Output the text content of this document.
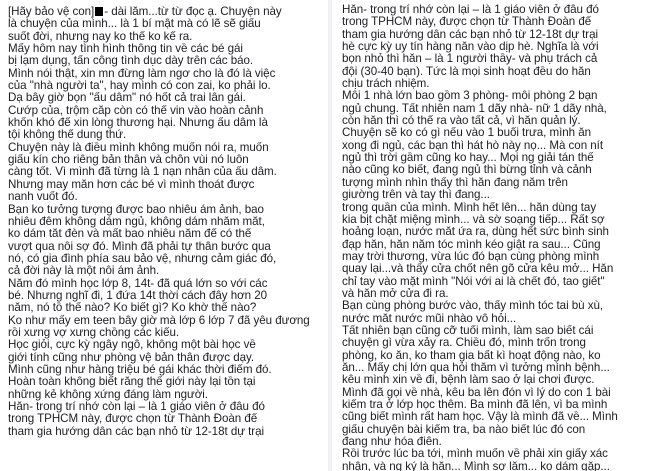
[Hãy bảo vệ con] - dài lắm...từ từ đọc ạ. Chuyện này
là chuyện của mình... là 1 bí mật mà có lẽ sẽ giấu
suốt đời, nhưng nay ko thể ko kể ra.
Mấy hôm nay tình hình thông tin về các bé gái
bị lạm dụng, tấn công tình dục dày trên các báo.
Mình nói thật, xin mn đừng làm ngơ cho là đó là việc
của "nhà người ta", hay mình có con zai, ko phải lo.
Dạ bây giờ bọn "ấu dâm" nó hốt cả trai lẫn gái.
Cướp của, trộm cắp còn có thể vin vào hoàn cảnh
khốn khó để xin lòng thương hại. Nhưng ấu dâm là
tội không thể dung thứ.
Chuyện này là điều mình không muốn nói ra, muốn
giấu kín cho riêng bản thân và chôn vùi nó luôn
càng tốt. Vì mình đã từng là 1 nạn nhân của ấu dâm.
Nhưng may mắn hơn các bé vì mình thoát được
nanh vuốt đó.
Bạn ko tưởng tượng được bao nhiêu ám ảnh, bao
nhiêu đêm không dám ngủ, không dám nhắm mắt,
ko dám tắt đèn và mất bao nhiêu năm để có thể
vượt qua nỗi sợ đó. Mình đã phải tự thân bước qua
nó, có gia đình phía sau bảo vệ, nhưng cảm giác đó,
cả đời này là một nỗi ám ảnh.
Năm đó mình học lớp 8, 14t- đã quá lớn so với các
bé. Nhưng nghĩ đi, 1 đứa 14t thời cách đây hơn 20
năm, nó tồ thế nào? Ko biết gì? Ko khờ thế nào?
Ko như mấy em teen bây giờ mà lớp 6 lớp 7 đã yêu đương
rồi xưng vợ xưng chồng các kiểu.
Học giỏi, cực kỳ ngây ngô, không một bài học về
giới tính cũng như phòng vệ bản thân được dạy.
Mình cũng như hàng triệu bé gái khác thời điểm đó.
Hoàn toàn không biết rằng thế giới này lại tồn tại
những kẻ không xứng đáng làm người.
Hắn- trong trí nhớ còn lại – là 1 giáo viên ở đâu đó
trong TPHCM này, được chọn từ Thành Đoàn để
tham gia hướng dẫn các bạn nhỏ từ 12-18t dự trại
Hắn- trong trí nhớ còn lại – là 1 giáo viên ở đâu đó
trong TPHCM này, được chọn từ Thành Đoàn để
tham gia hướng dẫn các bạn nhỏ từ 12-18t dự trại
hè cực kỳ uy tín hàng năn vào dịp hè. Nghĩa là với
bọn nhỏ thì hắn – là 1 người thầy- và phụ trách cả
đội (30-40 bạn). Tức là mọi sinh hoạt đều do hắn
chịu trách nhiệm.
Mỗi 1 nhà lớn bao gồm 3 phòng- mỗi phòng 2 bạn
ngủ chung. Tất nhiên nam 1 dãy nhà- nữ 1 dãy nhà,
còn hắn thì có thể ra vào tất cả, vì hắn quản lý.
Chuyện sẽ ko có gì nếu vào 1 buổi trưa, mình ăn
xong đi ngủ, các bạn thì hát hò này nọ... Mà con nít
ngủ thì trời gầm cũng ko hay... Mọi ng giải tán thế
nào cũng ko biết, đang ngủ thì bừng tỉnh và cảnh
tượng mình nhìn thấy thì hắn đang nằm trên
giường trên và tay thì đang...
trong quần của mình. Mình hết lên... hắn dùng tay
kia bịt chặt miệng mình... và sờ soạng tiếp... Rất sợ
hoảng loạn, nước mắt ứa ra, dùng hết sức bình sinh
đạp hắn, hắn nắm tóc mình kéo giật ra sau... Cũng
may trời thương, vừa lúc đó bạn cùng phòng mình
quay lại...và thấy cửa chốt nên gõ cửa kêu mở... Hắn
chỉ tay vào mặt mình "Nói với ai là chết đó, tao giết"
và hắn mở cửa đi ra.
Bạn cùng phòng bước vào, thấy mình tóc tai bù xù,
nước mắt nước mũi nhào vô hỏi...
Tất nhiên bạn cũng cỡ tuổi mình, làm sao biết cái
chuyện gì vừa xảy ra. Chiều đó, mình trốn trong
phòng, ko ăn, ko tham gia bất kì hoạt động nào, ko
ăn... Mấy chị lớn qua hỏi thăm vì tưởng mình bệnh...
kêu mình xin về đi, bệnh làm sao ở lại chơi được.
Mình đã gọi về nhà, kêu ba lên đón vì lý do con 1 bài
kiểm tra ở lớp học thêm. Ba mình đã lên, vì ba mình
cũng biết mình rất ham học. Vậy là mình đã về... Mình
giấu chuyện bài kiểm tra, ba nào biết lúc đó con
đang như hóa điên.
Rồi trước lúc ba tới, mình muốn về phải xin giấy xác
nhận, và ng ký là hắn... Mình sợ lắm... ko dám gặp...
